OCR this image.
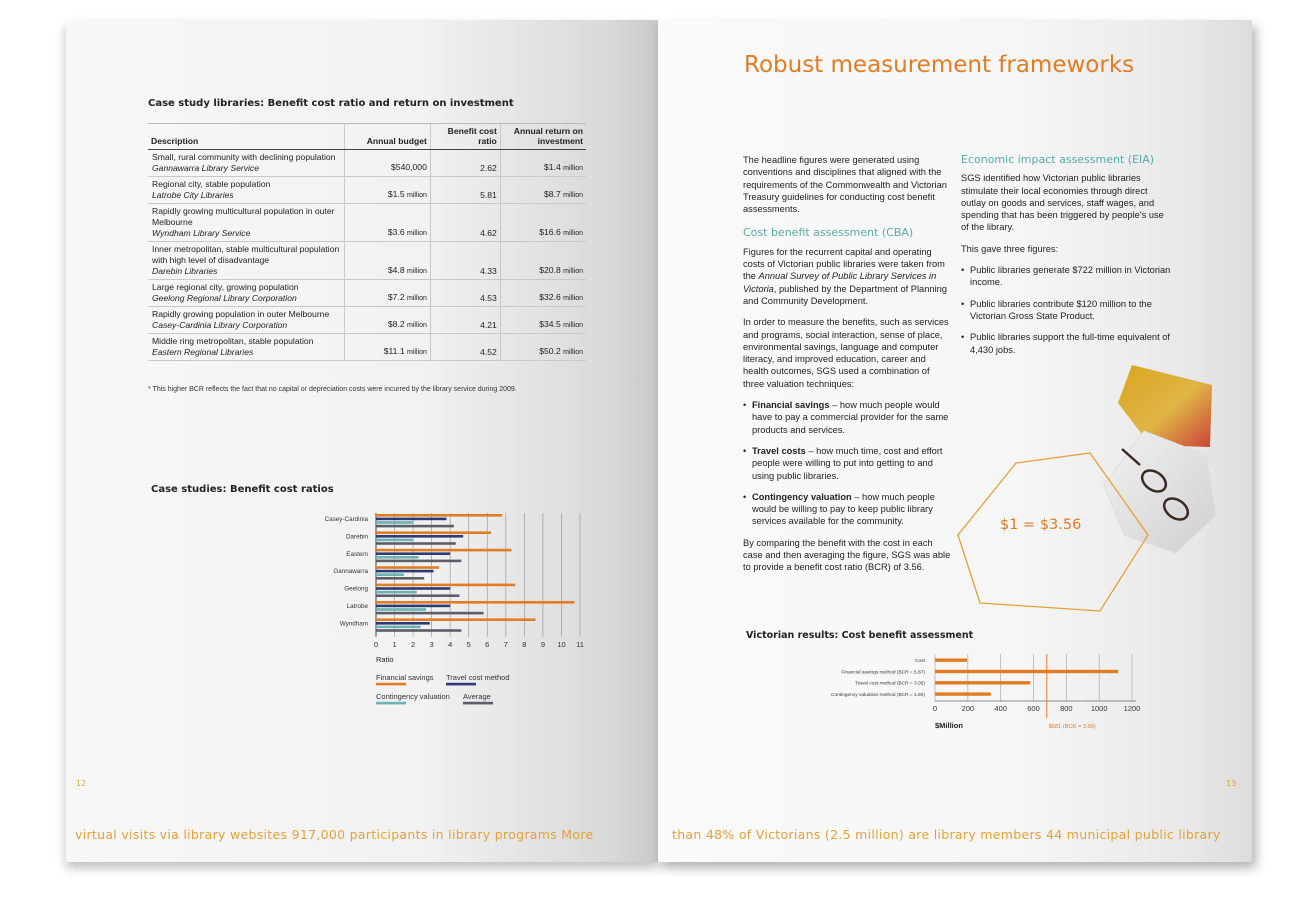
Case study libraries: Benefit cost ratio and return on investment
Description	Annual budget	Benefit cost ratio	Annual return on investment

Small, rural community with declining population
Gannawarra Library Service	$540,000	2.62	$1.4 million

Regional city, stable population
Latrobe City Libraries	$1.5 million	5.81	$8.7 million

Rapidly growing multicultural population in outer Melbourne
Wyndham Library Service	$3.6 million	4.62	$16.6 million

Inner metropolitan, stable multicultural population with high level of disadvantage
Darebin Libraries	$4.8 million	4.33	$20.8 million

Large regional city, growing population
Geelong Regional Library Corporation	$7.2 million	4.53	$32.6 million

Rapidly growing population in outer Melbourne
Casey-Cardinia Library Corporation	$8.2 million	4.21	$34.5 million

Middle ring metropolitan, stable population
Eastern Regional Libraries	$11.1 million	4.52	$50.2 million
* This higher BCR reflects the fact that no capital or depreciation costs were incurred by the library service during 2009.
Case studies: Benefit cost ratios
0 1 2 3 4 5 6 7 8 9 10 11
Casey-Cardinia
Darebin
Eastern
Gannawarra
Geelong
Latrobe
Wyndham
Ratio
Financial savings Travel cost method
Contingency valuation Average
12
virtual visits via library websites 917,000 participants in library programs More
Robust measurement frameworks

The headline figures were generated using conventions and disciplines that aligned with the requirements of the Commonwealth and Victorian Treasury guidelines for conducting cost benefit assessments.

Cost benefit assessment (CBA)

Figures for the recurrent capital and operating costs of Victorian public libraries were taken from the Annual Survey of Public Library Services in Victoria, published by the Department of Planning and Community Development.

In order to measure the benefits, such as services and programs, social interaction, sense of place, environmental savings, language and computer literacy, and improved education, career and health outcomes, SGS used a combination of three valuation techniques:

• Financial savings – how much people would have to pay a commercial provider for the same products and services.
• Travel costs – how much time, cost and effort people were willing to put into getting to and using public libraries.
• Contingency valuation – how much people would be willing to pay to keep public library services available for the community.

By comparing the benefit with the cost in each case and then averaging the figure, SGS was able to provide a benefit cost ratio (BCR) of 3.56.

Economic impact assessment (EIA)

SGS identified how Victorian public libraries stimulate their local economies through direct outlay on goods and services, staff wages, and spending that has been triggered by people's use of the library.

This gave three figures:

• Public libraries generate $722 million in Victorian income.
• Public libraries contribute $120 million to the Victorian Gross State Product.
• Public libraries support the full-time equivalent of 4,430 jobs.
$1 = $3.56
Victorian results: Cost benefit assessment
0	200	400	600	800 1000 1200
Cost
Financial savings method (BCR = 5.87)
Travel cost method (BCR = 3.05)
Contingency valuation method (BCR = 1.80)
$681 (BCR = 3.56)
$Million
13
than 48% of Victorians (2.5 million) are library members 44 municipal public library
